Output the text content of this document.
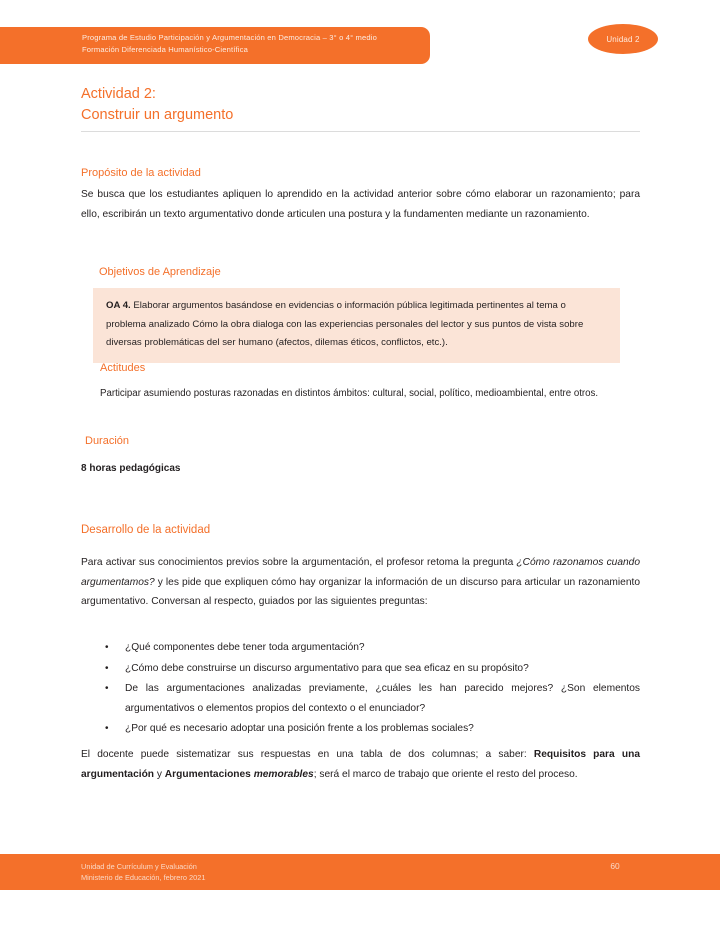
Programa de Estudio Participación y Argumentación en Democracia – 3° o 4° medio
Formación Diferenciada Humanístico-Científica
Unidad 2
Actividad 2:
Construir un argumento
Propósito de la actividad
Se busca que los estudiantes apliquen lo aprendido en la actividad anterior sobre cómo elaborar un razonamiento; para ello, escribirán un texto argumentativo donde articulen una postura y la fundamenten mediante un razonamiento.
Objetivos de Aprendizaje
OA 4. Elaborar argumentos basándose en evidencias o información pública legitimada pertinentes al tema o problema analizado Cómo la obra dialoga con las experiencias personales del lector y sus puntos de vista sobre diversas problemáticas del ser humano (afectos, dilemas éticos, conflictos, etc.).
Actitudes
Participar asumiendo posturas razonadas en distintos ámbitos: cultural, social, político, medioambiental, entre otros.
Duración
8 horas pedagógicas
Desarrollo de la actividad
Para activar sus conocimientos previos sobre la argumentación, el profesor retoma la pregunta ¿Cómo razonamos cuando argumentamos? y les pide que expliquen cómo hay organizar la información de un discurso para articular un razonamiento argumentativo. Conversan al respecto, guiados por las siguientes preguntas:
• ¿Qué componentes debe tener toda argumentación?
• ¿Cómo debe construirse un discurso argumentativo para que sea eficaz en su propósito?
• De las argumentaciones analizadas previamente, ¿cuáles les han parecido mejores? ¿Son elementos argumentativos o elementos propios del contexto o el enunciador?
• ¿Por qué es necesario adoptar una posición frente a los problemas sociales?
El docente puede sistematizar sus respuestas en una tabla de dos columnas; a saber: Requisitos para una argumentación y Argumentaciones memorables; será el marco de trabajo que oriente el resto del proceso.
Unidad de Currículum y Evaluación
Ministerio de Educación, febrero 2021
60
